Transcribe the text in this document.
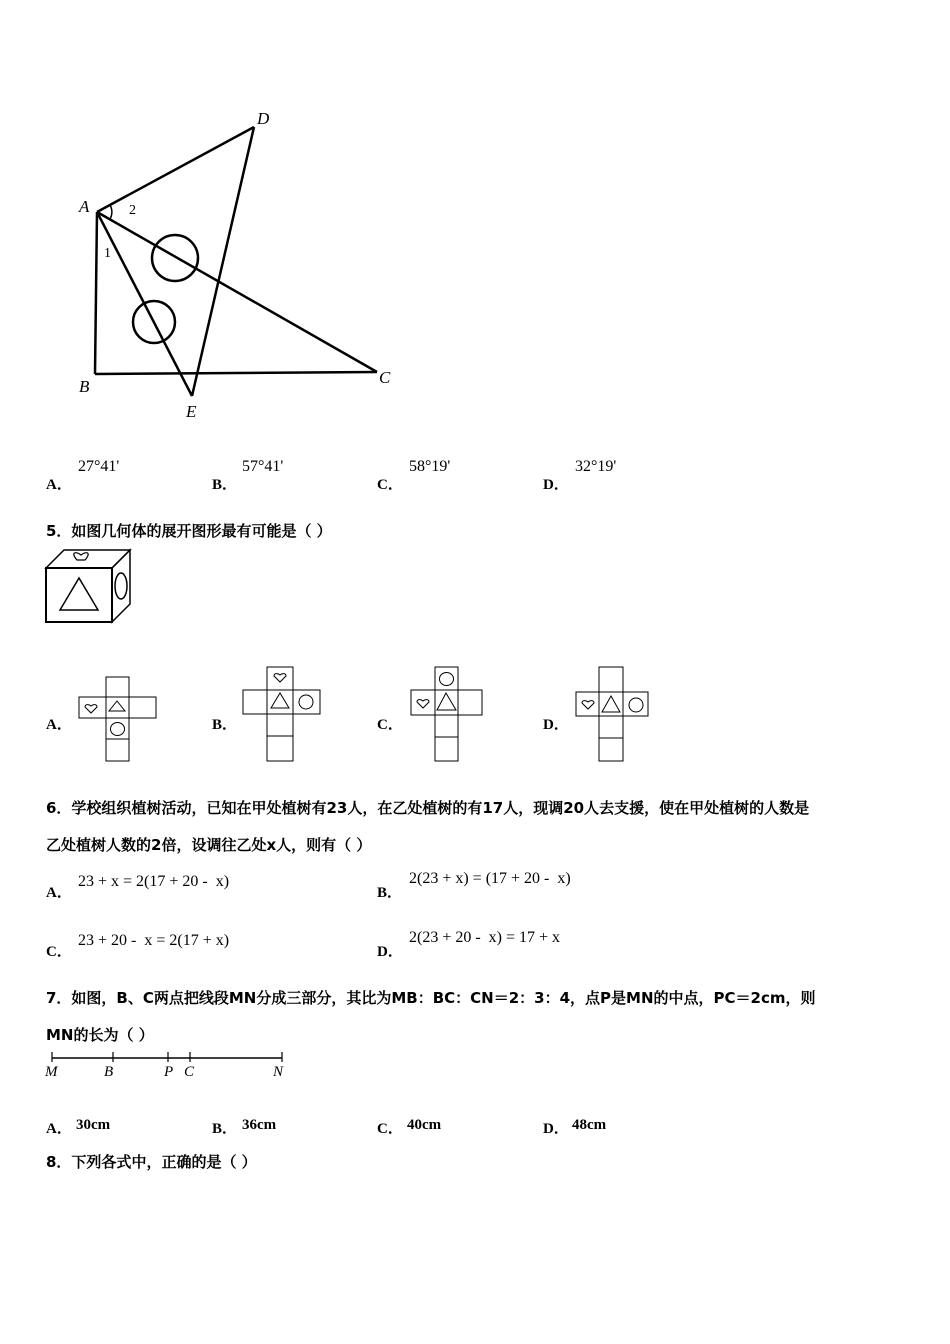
A
B	C
D
E
1
2
A．
27°41'
B．
57°41'
C．
58°19'
D．
32°19'
5．如图几何体的展开图形最有可能是（ ）
A．	B．	C．	D．
6．学校组织植树活动，已知在甲处植树有23人，在乙处植树的有17人，现调20人去支援，使在甲处植树的人数是
乙处植树人数的2倍，设调往乙处x人，则有（ ）
A．
23 + x = 2(17 + 20 -  x)
B．
2(23 + x) = (17 + 20 -  x)
C．
23 + 20 -  x = 2(17 + x)
D．
2(23 + 20 -  x) = 17 + x
7．如图，B、C两点把线段MN分成三部分，其比为MB：BC：CN＝2：3：4，点P是MN的中点，PC＝2cm，则
MN的长为（ ）
M	B	P C	N
A． 30cm	B． 36cm	C． 40cm	D． 48cm
8．下列各式中，正确的是（ ）
